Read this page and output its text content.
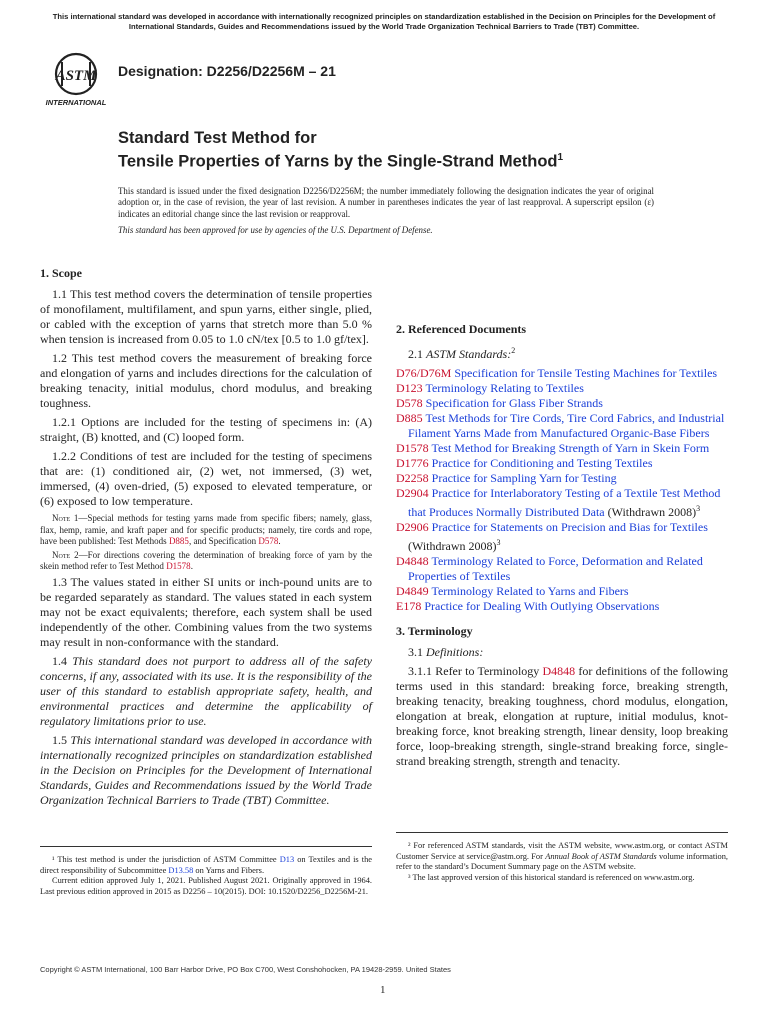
This international standard was developed in accordance with internationally recognized principles on standardization established in the Decision on Principles for the Development of International Standards, Guides and Recommendations issued by the World Trade Organization Technical Barriers to Trade (TBT) Committee.
ASTM
INTERNATIONAL
Designation: D2256/D2256M – 21
Standard Test Method for
Tensile Properties of Yarns by the Single-Strand Method$^1$

This standard is issued under the fixed designation D2256/D2256M; the number immediately following the designation indicates the year of original adoption or, in the case of revision, the year of last revision. A number in parentheses indicates the year of last reapproval. A superscript epsilon (ε) indicates an editorial change since the last revision or reapproval.

This standard has been approved for use by agencies of the U.S. Department of Defense.

1. Scope

1.1 This test method covers the determination of tensile properties of monofilament, multifilament, and spun yarns, either single, plied, or cabled with the exception of yarns that stretch more than 5.0 % when tension is increased from 0.05 to 1.0 cN/tex [0.5 to 1.0 gf/tex].

1.2 This test method covers the measurement of breaking force and elongation of yarns and includes directions for the calculation of breaking tenacity, initial modulus, chord modulus, and breaking toughness.

1.2.1 Options are included for the testing of specimens in: (A) straight, (B) knotted, and (C) looped form.

1.2.2 Conditions of test are included for the testing of specimens that are: (1) conditioned air, (2) wet, not immersed, (3) wet, immersed, (4) oven-dried, (5) exposed to elevated temperature, or (6) exposed to low temperature.

Note 1—Special methods for testing yarns made from specific fibers; namely, glass, flax, hemp, ramie, and kraft paper and for specific products; namely, tire cords and rope, have been published: Test Methods D885, and Specification D578.

Note 2—For directions covering the determination of breaking force of yarn by the skein method refer to Test Method D1578.

1.3 The values stated in either SI units or inch-pound units are to be regarded separately as standard. The values stated in each system may not be exact equivalents; therefore, each system shall be used independently of the other. Combining values from the two systems may result in non-conformance with the standard.

1.4 This standard does not purport to address all of the safety concerns, if any, associated with its use. It is the responsibility of the user of this standard to establish appropriate safety, health, and environmental practices and determine the applicability of regulatory limitations prior to use.

1.5 This international standard was developed in accordance with internationally recognized principles on standardization established in the Decision on Principles for the Development of International Standards, Guides and Recommendations issued by the World Trade Organization Technical Barriers to Trade (TBT) Committee.

2. Referenced Documents

2.1 ASTM Standards:$^2$

D76/D76M Specification for Tensile Testing Machines for Textiles

D123 Terminology Relating to Textiles

D578 Specification for Glass Fiber Strands

D885 Test Methods for Tire Cords, Tire Cord Fabrics, and Industrial Filament Yarns Made from Manufactured Organic-Base Fibers

D1578 Test Method for Breaking Strength of Yarn in Skein Form

D1776 Practice for Conditioning and Testing Textiles

D2258 Practice for Sampling Yarn for Testing

D2904 Practice for Interlaboratory Testing of a Textile Test Method that Produces Normally Distributed Data (Withdrawn 2008)$^3$

D2906 Practice for Statements on Precision and Bias for Textiles (Withdrawn 2008)$^3$

D4848 Terminology Related to Force, Deformation and Related Properties of Textiles

D4849 Terminology Related to Yarns and Fibers

E178 Practice for Dealing With Outlying Observations

3. Terminology

3.1 Definitions:

3.1.1 Refer to Terminology D4848 for definitions of the following terms used in this standard: breaking force, breaking strength, breaking tenacity, breaking toughness, chord modulus, elongation, elongation at break, elongation at rupture, initial modulus, knot-breaking force, knot breaking strength, linear density, loop breaking force, loop-breaking strength, single-strand breaking force, single-strand breaking strength, strength and tenacity.

¹ This test method is under the jurisdiction of ASTM Committee D13 on Textiles and is the direct responsibility of Subcommittee D13.58 on Yarns and Fibers.

Current edition approved July 1, 2021. Published August 2021. Originally approved in 1964. Last previous edition approved in 2015 as D2256 – 10(2015). DOI: 10.1520/D2256_D2256M-21.

² For referenced ASTM standards, visit the ASTM website, www.astm.org, or contact ASTM Customer Service at service@astm.org. For Annual Book of ASTM Standards volume information, refer to the standard’s Document Summary page on the ASTM website.

³ The last approved version of this historical standard is referenced on www.astm.org.

Copyright © ASTM International, 100 Barr Harbor Drive, PO Box C700, West Conshohocken, PA 19428-2959. United States
1
